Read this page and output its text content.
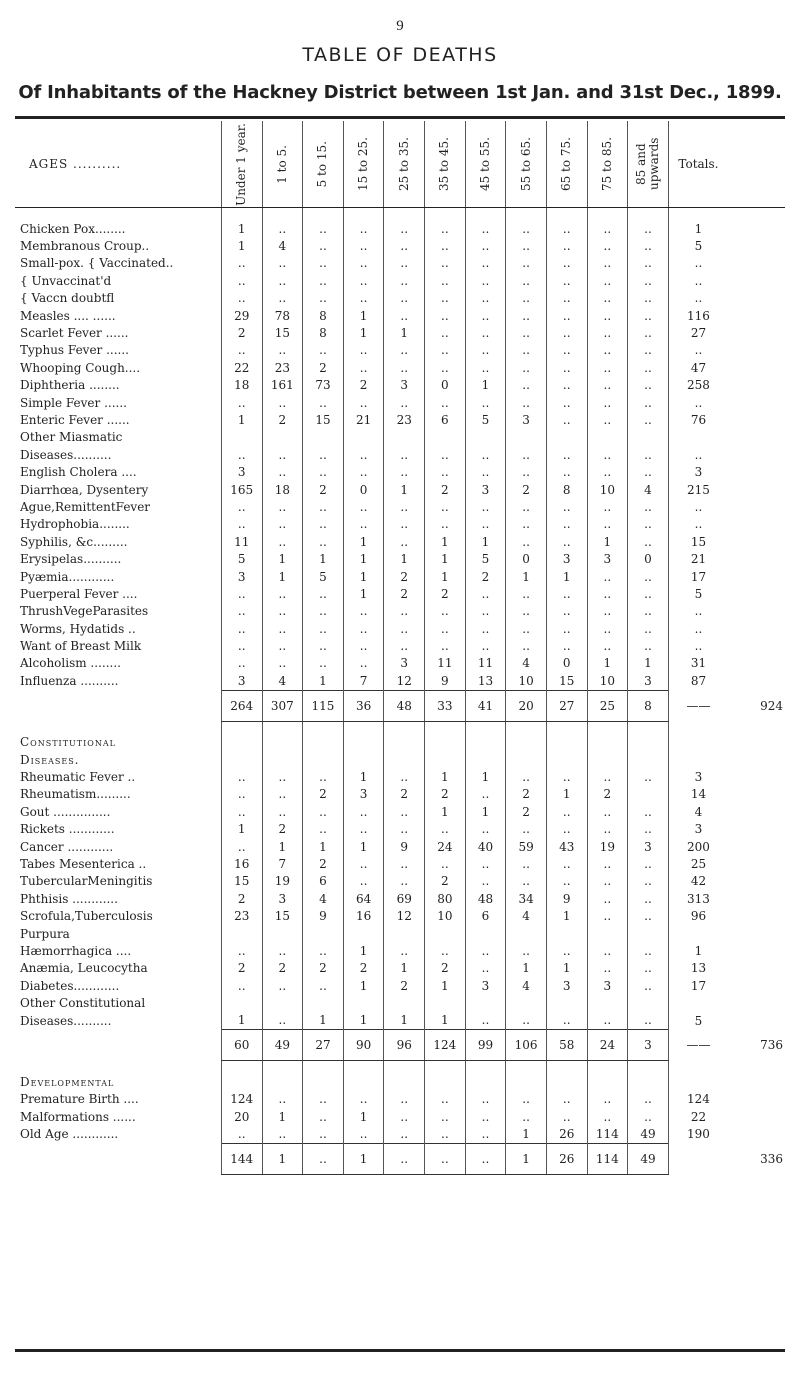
9
TABLE OF DEATHS
Of Inhabitants of the Hackney District between 1st Jan. and 31st Dec., 1899.
AGES ..........	Under 1 year.	1 to 5.	5 to 15.	15 to 25.	25 to 35.	35 to 45.	45 to 55.	55 to 65.	65 to 75.	75 to 85.	85 and upwards	Totals.	

Chicken Pox........	1	..	..	..	..	..	..	..	..	..	..	1	
Membranous Croup..	1	4	..	..	..	..	..	..	..	..	..	5	
Small-pox. { Vaccinated..	..	..	..	..	..	..	..	..	..	..	..	..	
{ Unvaccinat'd	..	..	..	..	..	..	..	..	..	..	..	..	
{ Vaccn doubtfl	..	..	..	..	..	..	..	..	..	..	..	..	
Measles .... ......	29	78	8	1	..	..	..	..	..	..	..	116	
Scarlet Fever ......	2	15	8	1	1	..	..	..	..	..	..	27	
Typhus Fever ......	..	..	..	..	..	..	..	..	..	..	..	..	
Whooping Cough....	22	23	2	..	..	..	..	..	..	..	..	47	
Diphtheria ........	18	161	73	2	3	0	1	..	..	..	..	258	
Simple Fever ......	..	..	..	..	..	..	..	..	..	..	..	..	
Enteric Fever ......	1	2	15	21	23	6	5	3	..	..	..	76	
Other Miasmatic													
Diseases..........	..	..	..	..	..	..	..	..	..	..	..	..	
English Cholera ....	3	..	..	..	..	..	..	..	..	..	..	3	
Diarrhœa, Dysentery	165	18	2	0	1	2	3	2	8	10	4	215	
Ague,RemittentFever	..	..	..	..	..	..	..	..	..	..	..	..	
Hydrophobia........	..	..	..	..	..	..	..	..	..	..	..	..	
Syphilis, &c.........	11	..	..	1	..	1	1	..	..	1	..	15	
Erysipelas..........	5	1	1	1	1	1	5	0	3	3	0	21	
Pyæmia............	3	1	5	1	2	1	2	1	1	..	..	17	
Puerperal Fever ....	..	..	..	1	2	2	..	..	..	..	..	5	
ThrushVegeParasites	..	..	..	..	..	..	..	..	..	..	..	..	
Worms, Hydatids ..	..	..	..	..	..	..	..	..	..	..	..	..	
Want of Breast Milk	..	..	..	..	..	..	..	..	..	..	..	..	
Alcoholism ........	..	..	..	..	3	11	11	4	0	1	1	31	
Influenza ..........	3	4	1	7	12	9	13	10	15	10	3	87	
	264	307	115	36	48	33	41	20	27	25	8	——	924

Constitutional													
Diseases.													
Rheumatic Fever ..	..	..	..	1	..	1	1	..	..	..	..	3	
Rheumatism.........	..	..	2	3	2	2	..	2	1	2		14	
Gout ...............	..	..	..	..	..	1	1	2	..	..	..	4	
Rickets ............	1	2	..	..	..	..	..	..	..	..	..	3	
Cancer ............	..	1	1	1	9	24	40	59	43	19	3	200	
Tabes Mesenterica ..	16	7	2	..	..	..	..	..	..	..	..	25	
TubercularMeningitis	15	19	6	..	..	2	..	..	..	..	..	42	
Phthisis ............	2	3	4	64	69	80	48	34	9	..	..	313	
Scrofula,Tuberculosis	23	15	9	16	12	10	6	4	1	..	..	96	
Purpura													
Hæmorrhagica ....	..	..	..	1	..	..	..	..	..	..	..	1	
Anæmia, Leucocytha	2	2	2	2	1	2	..	1	1	..	..	13	
Diabetes............	..	..	..	1	2	1	3	4	3	3	..	17	
Other Constitutional													
Diseases..........	1	..	1	1	1	1	..	..	..	..	..	5	
	60	49	27	90	96	124	99	106	58	24	3	——	736

Developmental													
Premature Birth ....	124	..	..	..	..	..	..	..	..	..	..	124	
Malformations ......	20	1	..	1	..	..	..	..	..	..	..	22	
Old Age ............	..	..	..	..	..	..	..	1	26	114	49	190	
	144	1	..	1	..	..	..	1	26	114	49		336
